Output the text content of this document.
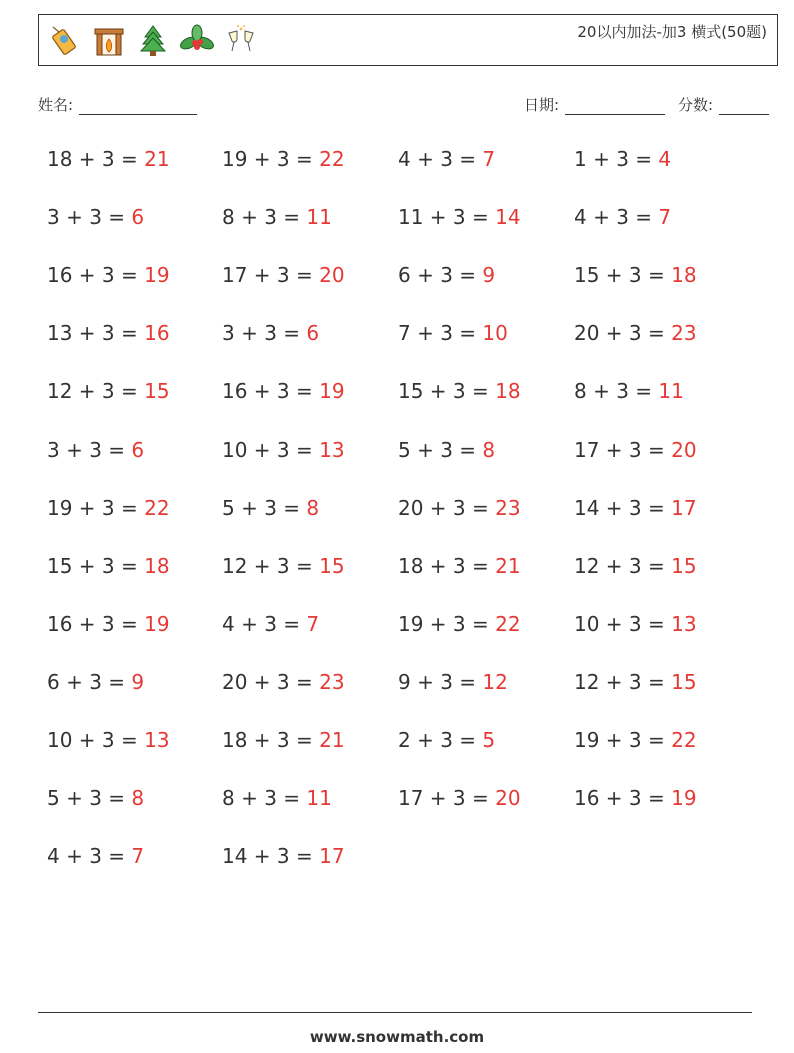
20以内加法-加3 横式(50题)
姓名:	日期:	分数:
18 + 3 = 21	19 + 3 = 22	4 + 3 = 7	1 + 3 = 4
3 + 3 = 6	8 + 3 = 11	11 + 3 = 14	4 + 3 = 7
16 + 3 = 19	17 + 3 = 20	6 + 3 = 9	15 + 3 = 18
13 + 3 = 16	3 + 3 = 6	7 + 3 = 10	20 + 3 = 23
12 + 3 = 15	16 + 3 = 19	15 + 3 = 18	8 + 3 = 11
3 + 3 = 6	10 + 3 = 13	5 + 3 = 8	17 + 3 = 20
19 + 3 = 22	5 + 3 = 8	20 + 3 = 23	14 + 3 = 17
15 + 3 = 18	12 + 3 = 15	18 + 3 = 21	12 + 3 = 15
16 + 3 = 19	4 + 3 = 7	19 + 3 = 22	10 + 3 = 13
6 + 3 = 9	20 + 3 = 23	9 + 3 = 12	12 + 3 = 15
10 + 3 = 13	18 + 3 = 21	2 + 3 = 5	19 + 3 = 22
5 + 3 = 8	8 + 3 = 11	17 + 3 = 20	16 + 3 = 19
4 + 3 = 7	14 + 3 = 17
www.snowmath.com
